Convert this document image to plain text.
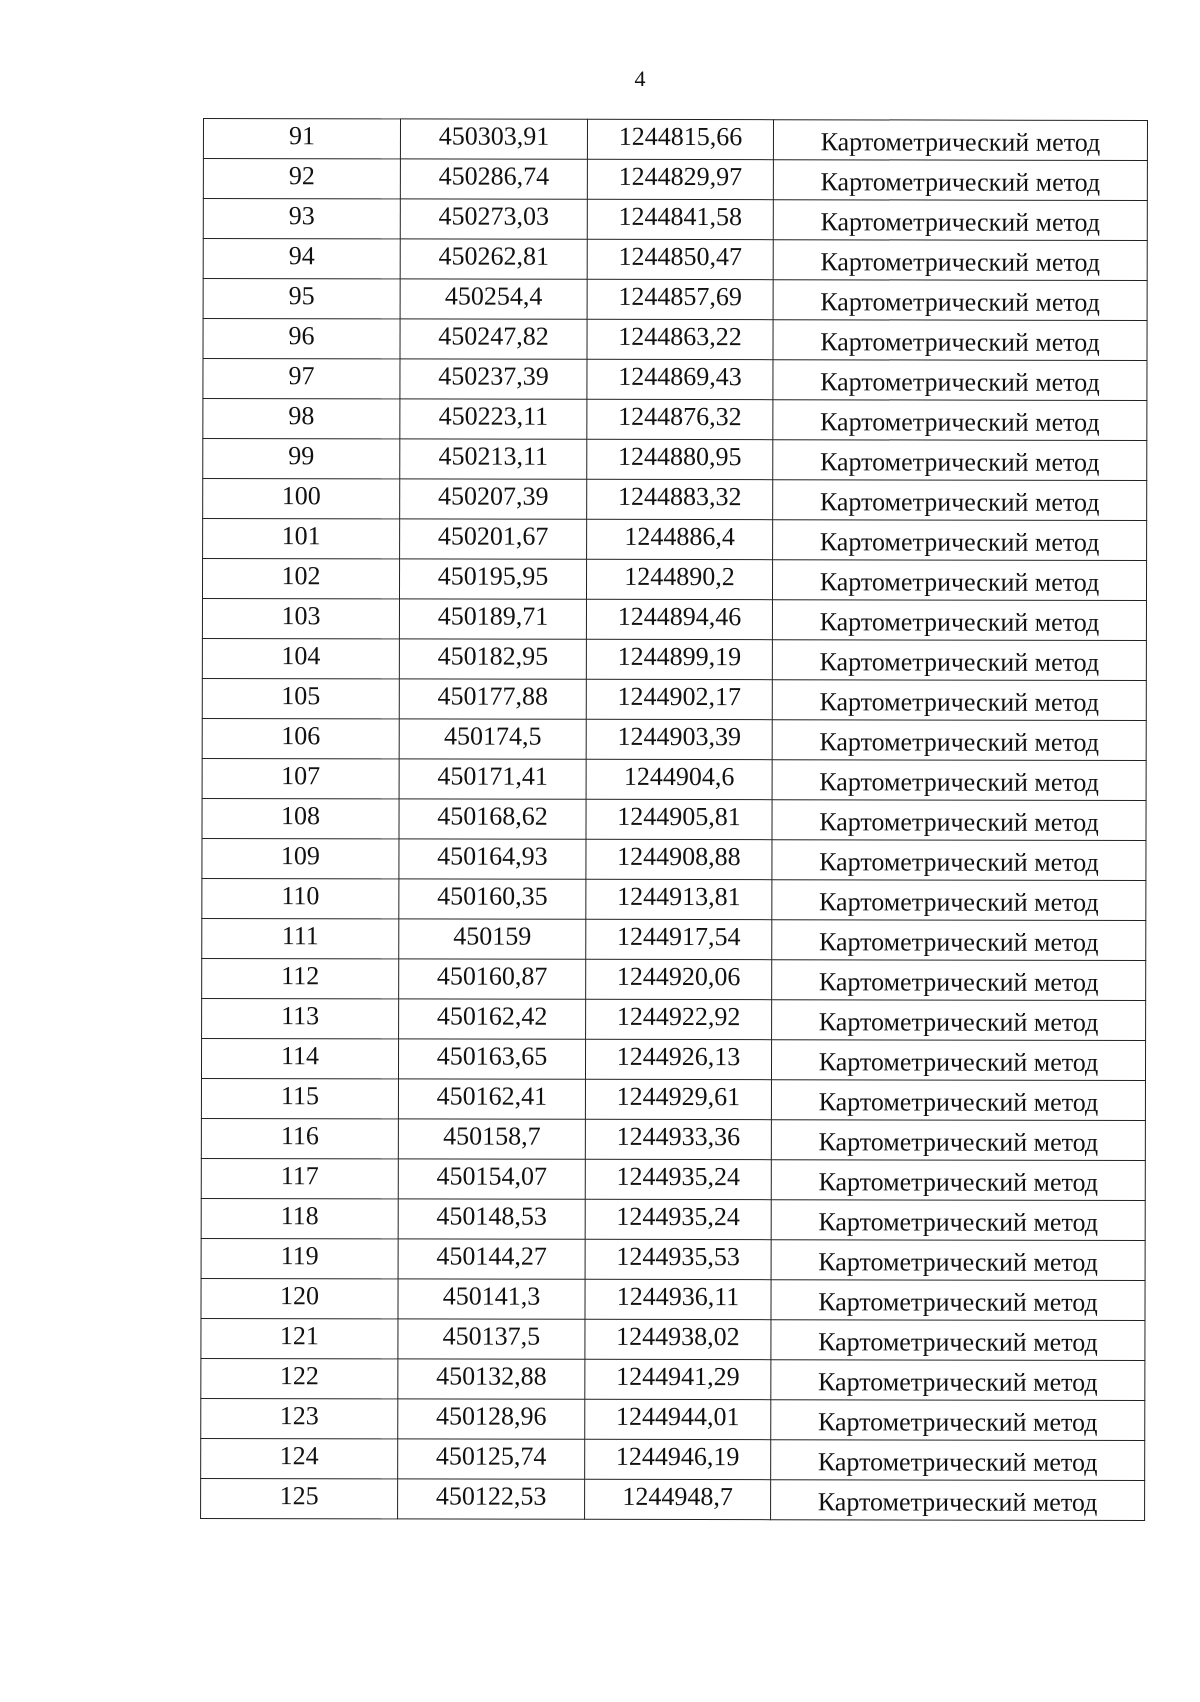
4
91	450303,91	1244815,66	Картометрический метод
92	450286,74	1244829,97	Картометрический метод
93	450273,03	1244841,58	Картометрический метод
94	450262,81	1244850,47	Картометрический метод
95	450254,4	1244857,69	Картометрический метод
96	450247,82	1244863,22	Картометрический метод
97	450237,39	1244869,43	Картометрический метод
98	450223,11	1244876,32	Картометрический метод
99	450213,11	1244880,95	Картометрический метод
100	450207,39	1244883,32	Картометрический метод
101	450201,67	1244886,4	Картометрический метод
102	450195,95	1244890,2	Картометрический метод
103	450189,71	1244894,46	Картометрический метод
104	450182,95	1244899,19	Картометрический метод
105	450177,88	1244902,17	Картометрический метод
106	450174,5	1244903,39	Картометрический метод
107	450171,41	1244904,6	Картометрический метод
108	450168,62	1244905,81	Картометрический метод
109	450164,93	1244908,88	Картометрический метод
110	450160,35	1244913,81	Картометрический метод
111	450159	1244917,54	Картометрический метод
112	450160,87	1244920,06	Картометрический метод
113	450162,42	1244922,92	Картометрический метод
114	450163,65	1244926,13	Картометрический метод
115	450162,41	1244929,61	Картометрический метод
116	450158,7	1244933,36	Картометрический метод
117	450154,07	1244935,24	Картометрический метод
118	450148,53	1244935,24	Картометрический метод
119	450144,27	1244935,53	Картометрический метод
120	450141,3	1244936,11	Картометрический метод
121	450137,5	1244938,02	Картометрический метод
122	450132,88	1244941,29	Картометрический метод
123	450128,96	1244944,01	Картометрический метод
124	450125,74	1244946,19	Картометрический метод
125	450122,53	1244948,7	Картометрический метод
